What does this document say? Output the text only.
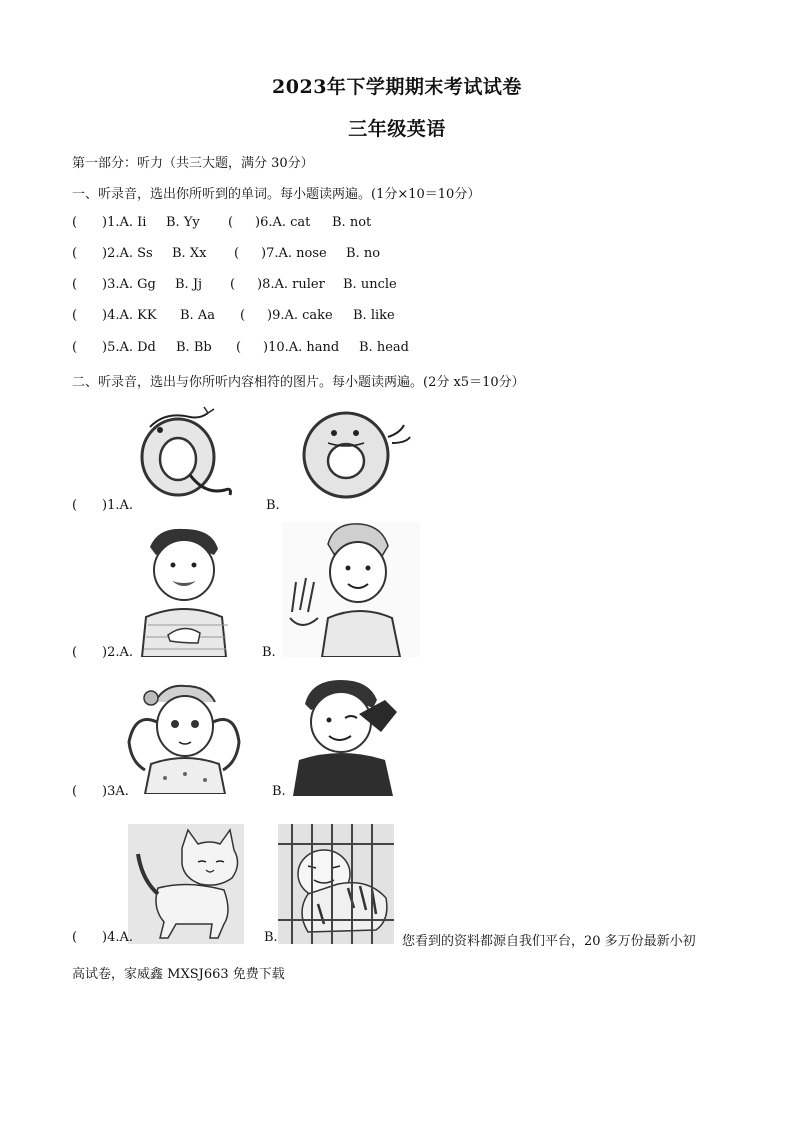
2023年下学期期末考试试卷
三年级英语
第一部分：听力（共三大题，满分 30分）
一、听录音，选出你所听到的单词。每小题读两遍。(1分×10＝10分）
( )1.A. Ii B. Yy ( )6.A. cat B. not
( )2.A. Ss B. Xx ( )7.A. nose B. no
( )3.A. Gg B. Jj ( )8.A. ruler B. uncle
( )4.A. KK B. Aa ( )9.A. cake B. like
( )5.A. Dd B. Bb ( )10.A. hand B. head
二、听录音，选出与你所听内容相符的图片。每小题读两遍。(2分 x5＝10分）
( )1.A.	B.
( )2.A.	B.
( )3A.	B.
( )4.A.	B.	您看到的资料都源自我们平台，20 多万份最新小初
高试卷，家威鑫 MXSJ663 免费下载
